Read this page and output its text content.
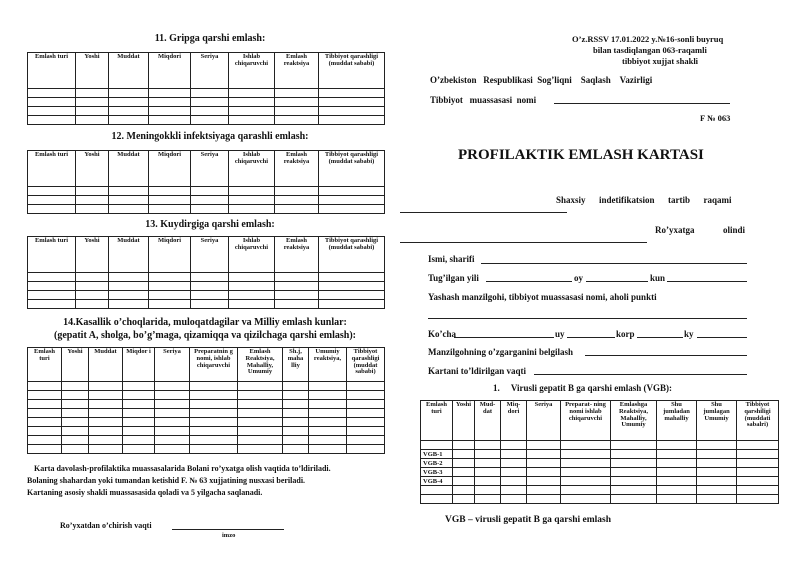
11. Gripga qarshi emlash:
Emlash turi	Yoshi	Muddat	Miqdori	Seriya	Ishlab chiqaruvchi	Emlash reaktsiya	Tibbiyot qarashligi (muddat sababi)

12. Meningokkli infektsiyaga qarashli emlash:
Emlash turi	Yoshi	Muddat	Miqdori	Seriya	Ishlab chiqaruvchi	Emlash reaktsiya	Tibbiyot qarashligi (muddat sababi)

13. Kuydirgiga qarshi emlash:
Emlash turi	Yoshi	Muddat	Miqdori	Seriya	Ishlab chiqaruvchi	Emlash reaktsiya	Tibbiyot qarashligi (muddat sababi)

14.Kasallik o’choqlarida, muloqatdagilar va Milliy emlash kunlar:
(gepatit A, sholga, bo’g’maga, qizamiqqa va qizilchaga qarshi emlash):
Emlash turi	Yoshi	Muddat	Miqdor i	Seriya	Preparatnin g nomi, ishlab chiqaruvchi	Emlash Reaktsiya, Mahalliy, Umumiy	Sh.j, maha lliy	Umumiy reaktsiya,	Tibbiyot qarashligi (muddat sababi)

Karta davolash-profilaktika muassasalarida Bolani ro’yxatga olish vaqtida to’ldiriladi.
Bolaning shahardan yoki tumandan ketishid F. № 63 xujjatining nusxasi beriladi.
Kartaning asosiy shakli muassasasida qoladi va 5 yilgacha saqlanadi.
Ro’yxatdan o’chirish vaqti
imzo
O’z.RSSV 17.01.2022 y.№16-sonli buyruq
bilan tasdiqlangan 063-raqamli
tibbiyot xujjat shakli
O’zbekiston   Respublikasi  Sog’liqni    Saqlash    Vazirligi
Tibbiyot   muassasasi  nomi
F № 063
PROFILAKTIK EMLASH KARTASI
Shaxsiy      indetifikatsion      tartib      raqami
Ro’yxatga	olindi
Ismi, sharifi
Tug’ilgan yili	oy	kun
Yashash manzilgohi, tibbiyot muassasasi nomi, aholi punkti
Ko’cha	uy	korp	ky
Manzilgohning o’zgarganini belgilash
Kartani to’ldirilgan vaqti
1.     Virusli gepatit B ga qarshi emlash (VGB):
Emlash turi	Yoshi	Mud- dat	Miq- dori	Seriya	Preparat- ning nomi ishlab chiqaruvchi	Emlashga Reaktsiya, Mahalliy, Umumiy	Shu jumladan mahalliy	Shu jumlagan Umumiy	Tibbiyot qarshiligi (muddati sabalri)

VGB-1									
VGB-2									
VGB-3									
VGB-4									

VGB – virusli gepatit B ga qarshi emlash
